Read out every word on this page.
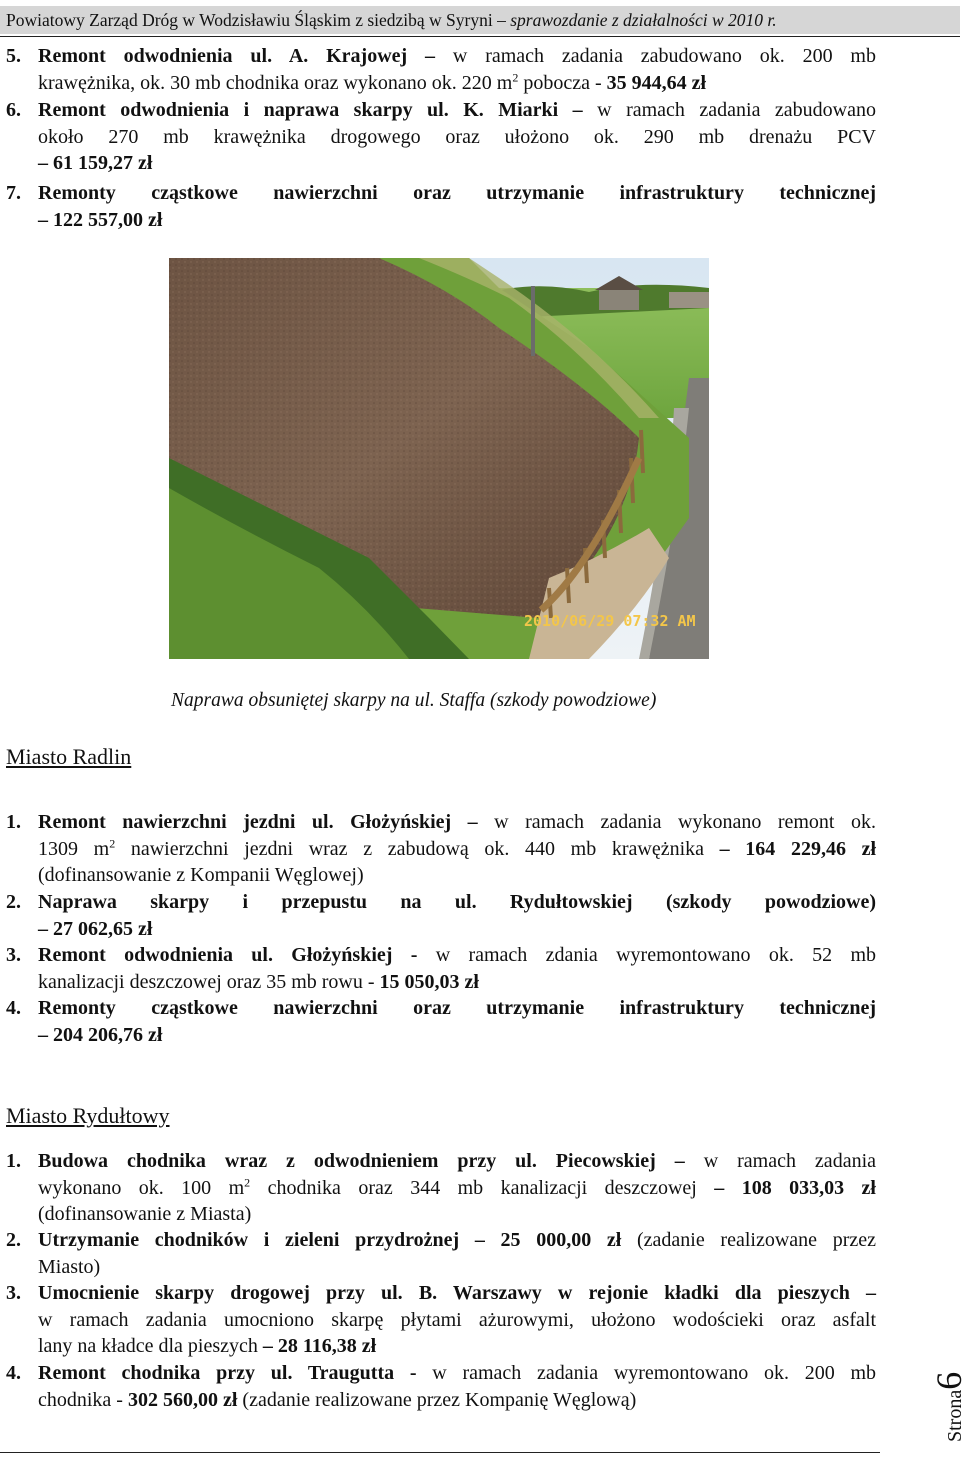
Powiatowy Zarząd Dróg w Wodzisławiu Śląskim z siedzibą w Syryni – sprawozdanie z działalności w 2010 r.
5. Remont odwodnienia ul. A. Krajowej – w ramach zadania zabudowano ok. 200 mb
krawężnika, ok. 30 mb chodnika oraz wykonano ok. 220 $m^2$ pobocza - 35 944,64 zł
6. Remont odwodnienia i naprawa skarpy ul. K. Miarki – w ramach zadania zabudowano
około 270 mb krawężnika drogowego oraz ułożono ok. 290 mb drenażu PCV
– 61 159,27 zł
7. Remonty cząstkowe nawierzchni oraz utrzymanie infrastruktury technicznej
– 122 557,00 zł
2010/06/29 07:32 AM
Naprawa obsuniętej skarpy na ul. Staffa (szkody powodziowe)
Miasto Radlin
1. Remont nawierzchni jezdni ul. Głożyńskiej – w ramach zadania wykonano remont ok.
1309 $m^2$ nawierzchni jezdni wraz z zabudową ok. 440 mb krawężnika – 164 229,46 zł
(dofinansowanie z Kompanii Węglowej)
2. Naprawa skarpy i przepustu na ul. Rydułtowskiej (szkody powodziowe)
– 27 062,65 zł
3. Remont odwodnienia ul. Głożyńskiej - w ramach zdania wyremontowano ok. 52 mb
kanalizacji deszczowej oraz 35 mb rowu - 15 050,03 zł
4. Remonty cząstkowe nawierzchni oraz utrzymanie infrastruktury technicznej
– 204 206,76 zł
Miasto Rydułtowy
1. Budowa chodnika wraz z odwodnieniem przy ul. Piecowskiej – w ramach zadania
wykonano ok. 100 $m^2$ chodnika oraz 344 mb kanalizacji deszczowej – 108 033,03 zł
(dofinansowanie z Miasta)
2. Utrzymanie chodników i zieleni przydrożnej – 25 000,00 zł (zadanie realizowane przez
Miasto)
3. Umocnienie skarpy drogowej przy ul. B. Warszawy w rejonie kładki dla pieszych –
w ramach zadania umocniono skarpę płytami ażurowymi, ułożono wodościeki oraz asfalt
lany na kładce dla pieszych – 28 116,38 zł
4. Remont chodnika przy ul. Traugutta - w ramach zadania wyremontowano ok. 200 mb
chodnika - 302 560,00 zł (zadanie realizowane przez Kompanię Węglową)	Strona6
